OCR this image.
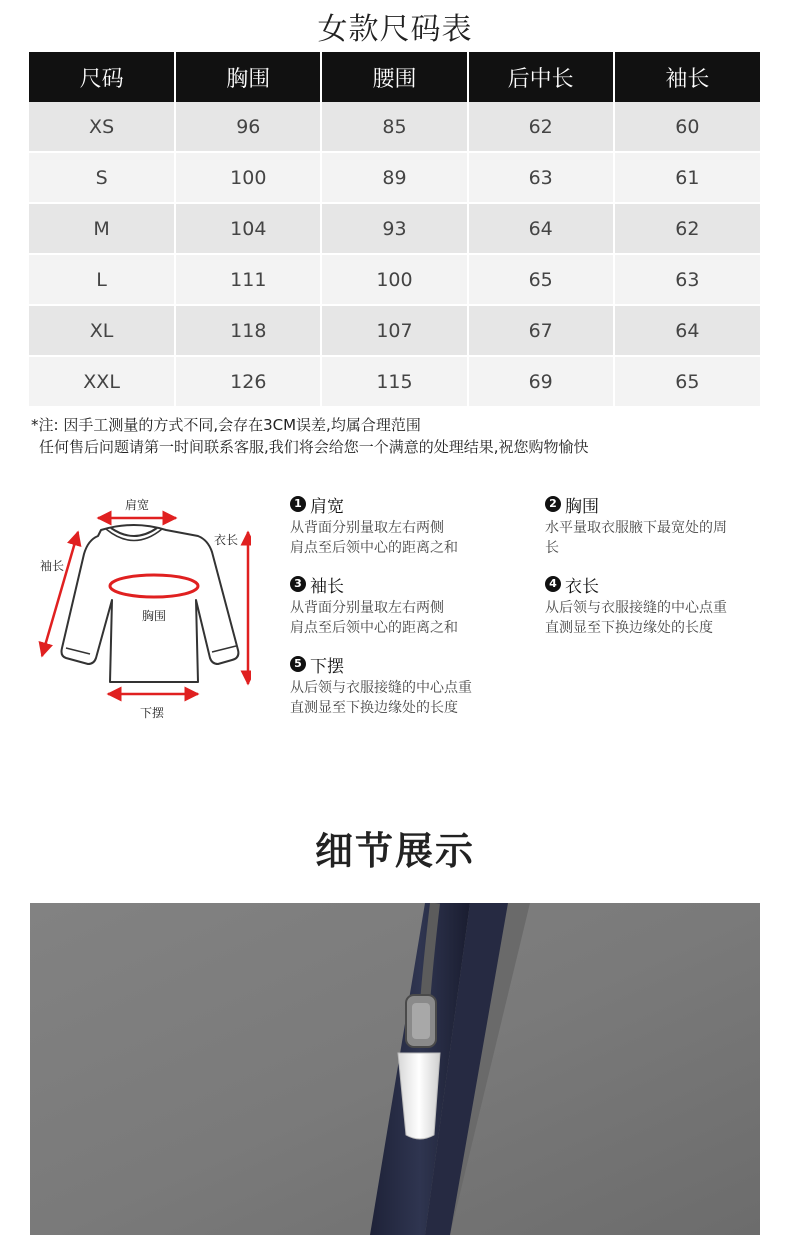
女款尺码表
尺码	胸围	腰围	后中长	袖长
XS	96	85	62	60
S	100	89	63	61
M	104	93	64	62
L	111	100	65	63
XL	118	107	67	64
XXL	126	115	69	65
*注: 因手工测量的方式不同,会存在3CM误差,均属合理范围
任何售后问题请第一时间联系客服,我们将会给您一个满意的处理结果,祝您购物愉快
肩宽
衣长
袖长
胸围
下摆
1 肩宽
从背面分别量取左右两侧
肩点至后领中心的距离之和
2 胸围
水平量取衣服腋下最宽处的周
长
3 袖长
从背面分别量取左右两侧
肩点至后领中心的距离之和
4 衣长
从后领与衣服接缝的中心点重
直测显至下换边缘处的长度
5 下摆
从后领与衣服接缝的中心点重
直测显至下换边缘处的长度
细节展示
